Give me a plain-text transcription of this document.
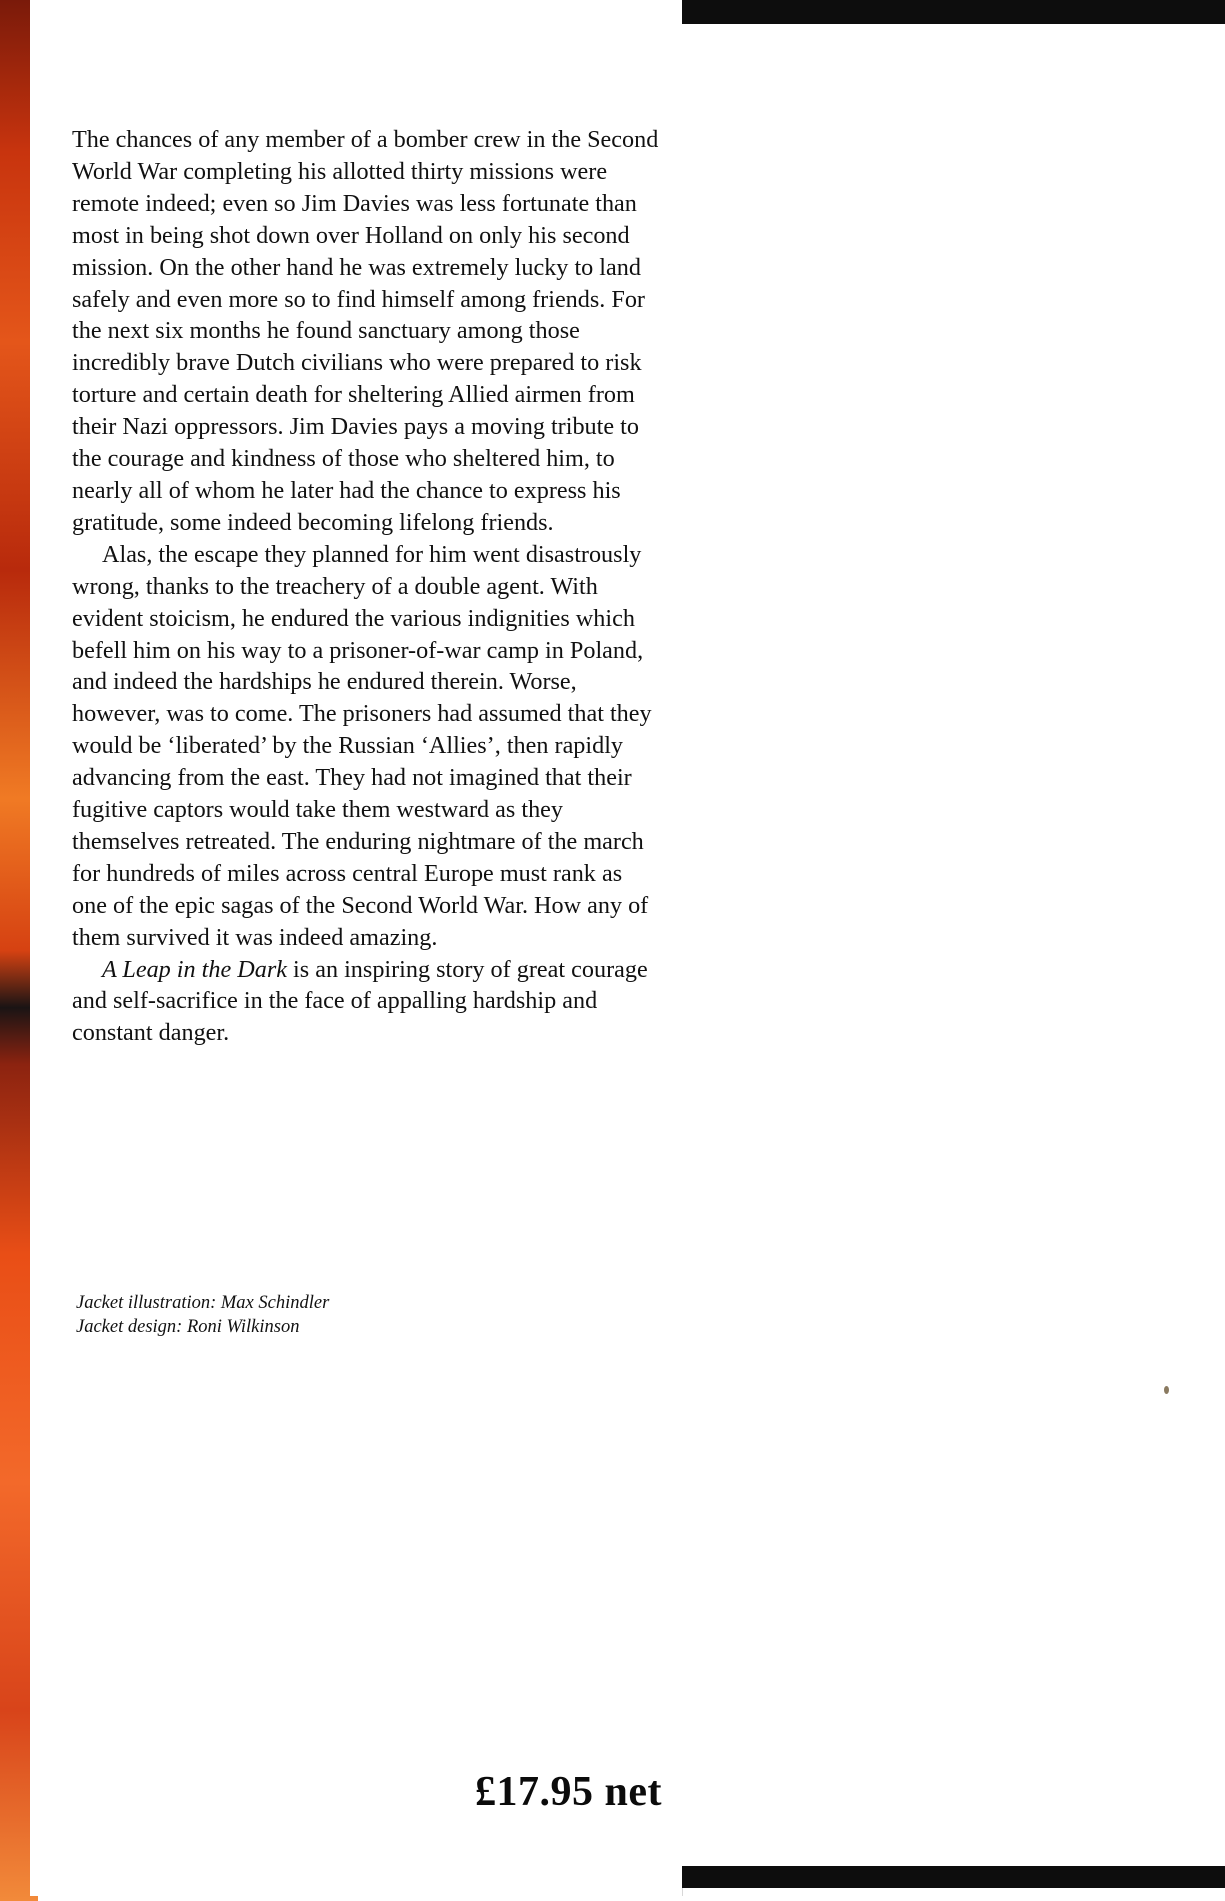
The chances of any member of a bomber crew in the Second World War completing his allotted thirty missions were remote indeed; even so Jim Davies was less fortunate than most in being shot down over Holland on only his second mission. On the other hand he was extremely lucky to land safely and even more so to find himself among friends. For the next six months he found sanctuary among those incredibly brave Dutch civilians who were prepared to risk torture and certain death for sheltering Allied airmen from their Nazi oppressors. Jim Davies pays a moving tribute to the courage and kindness of those who sheltered him, to nearly all of whom he later had the chance to express his gratitude, some indeed becoming lifelong friends.

Alas, the escape they planned for him went disastrously wrong, thanks to the treachery of a double agent. With evident stoicism, he endured the various indignities which befell him on his way to a prisoner-of-war camp in Poland, and indeed the hardships he endured therein. Worse, however, was to come. The prisoners had assumed that they would be ‘liberated’ by the Russian ‘Allies’, then rapidly advancing from the east. They had not imagined that their fugitive captors would take them westward as they themselves retreated. The enduring nightmare of the march for hundreds of miles across central Europe must rank as one of the epic sagas of the Second World War. How any of them survived it was indeed amazing.

A Leap in the Dark is an inspiring story of great courage and self-sacrifice in the face of appalling hardship and constant danger.

Jacket illustration: Max Schindler
Jacket design: Roni Wilkinson
£17.95 net
